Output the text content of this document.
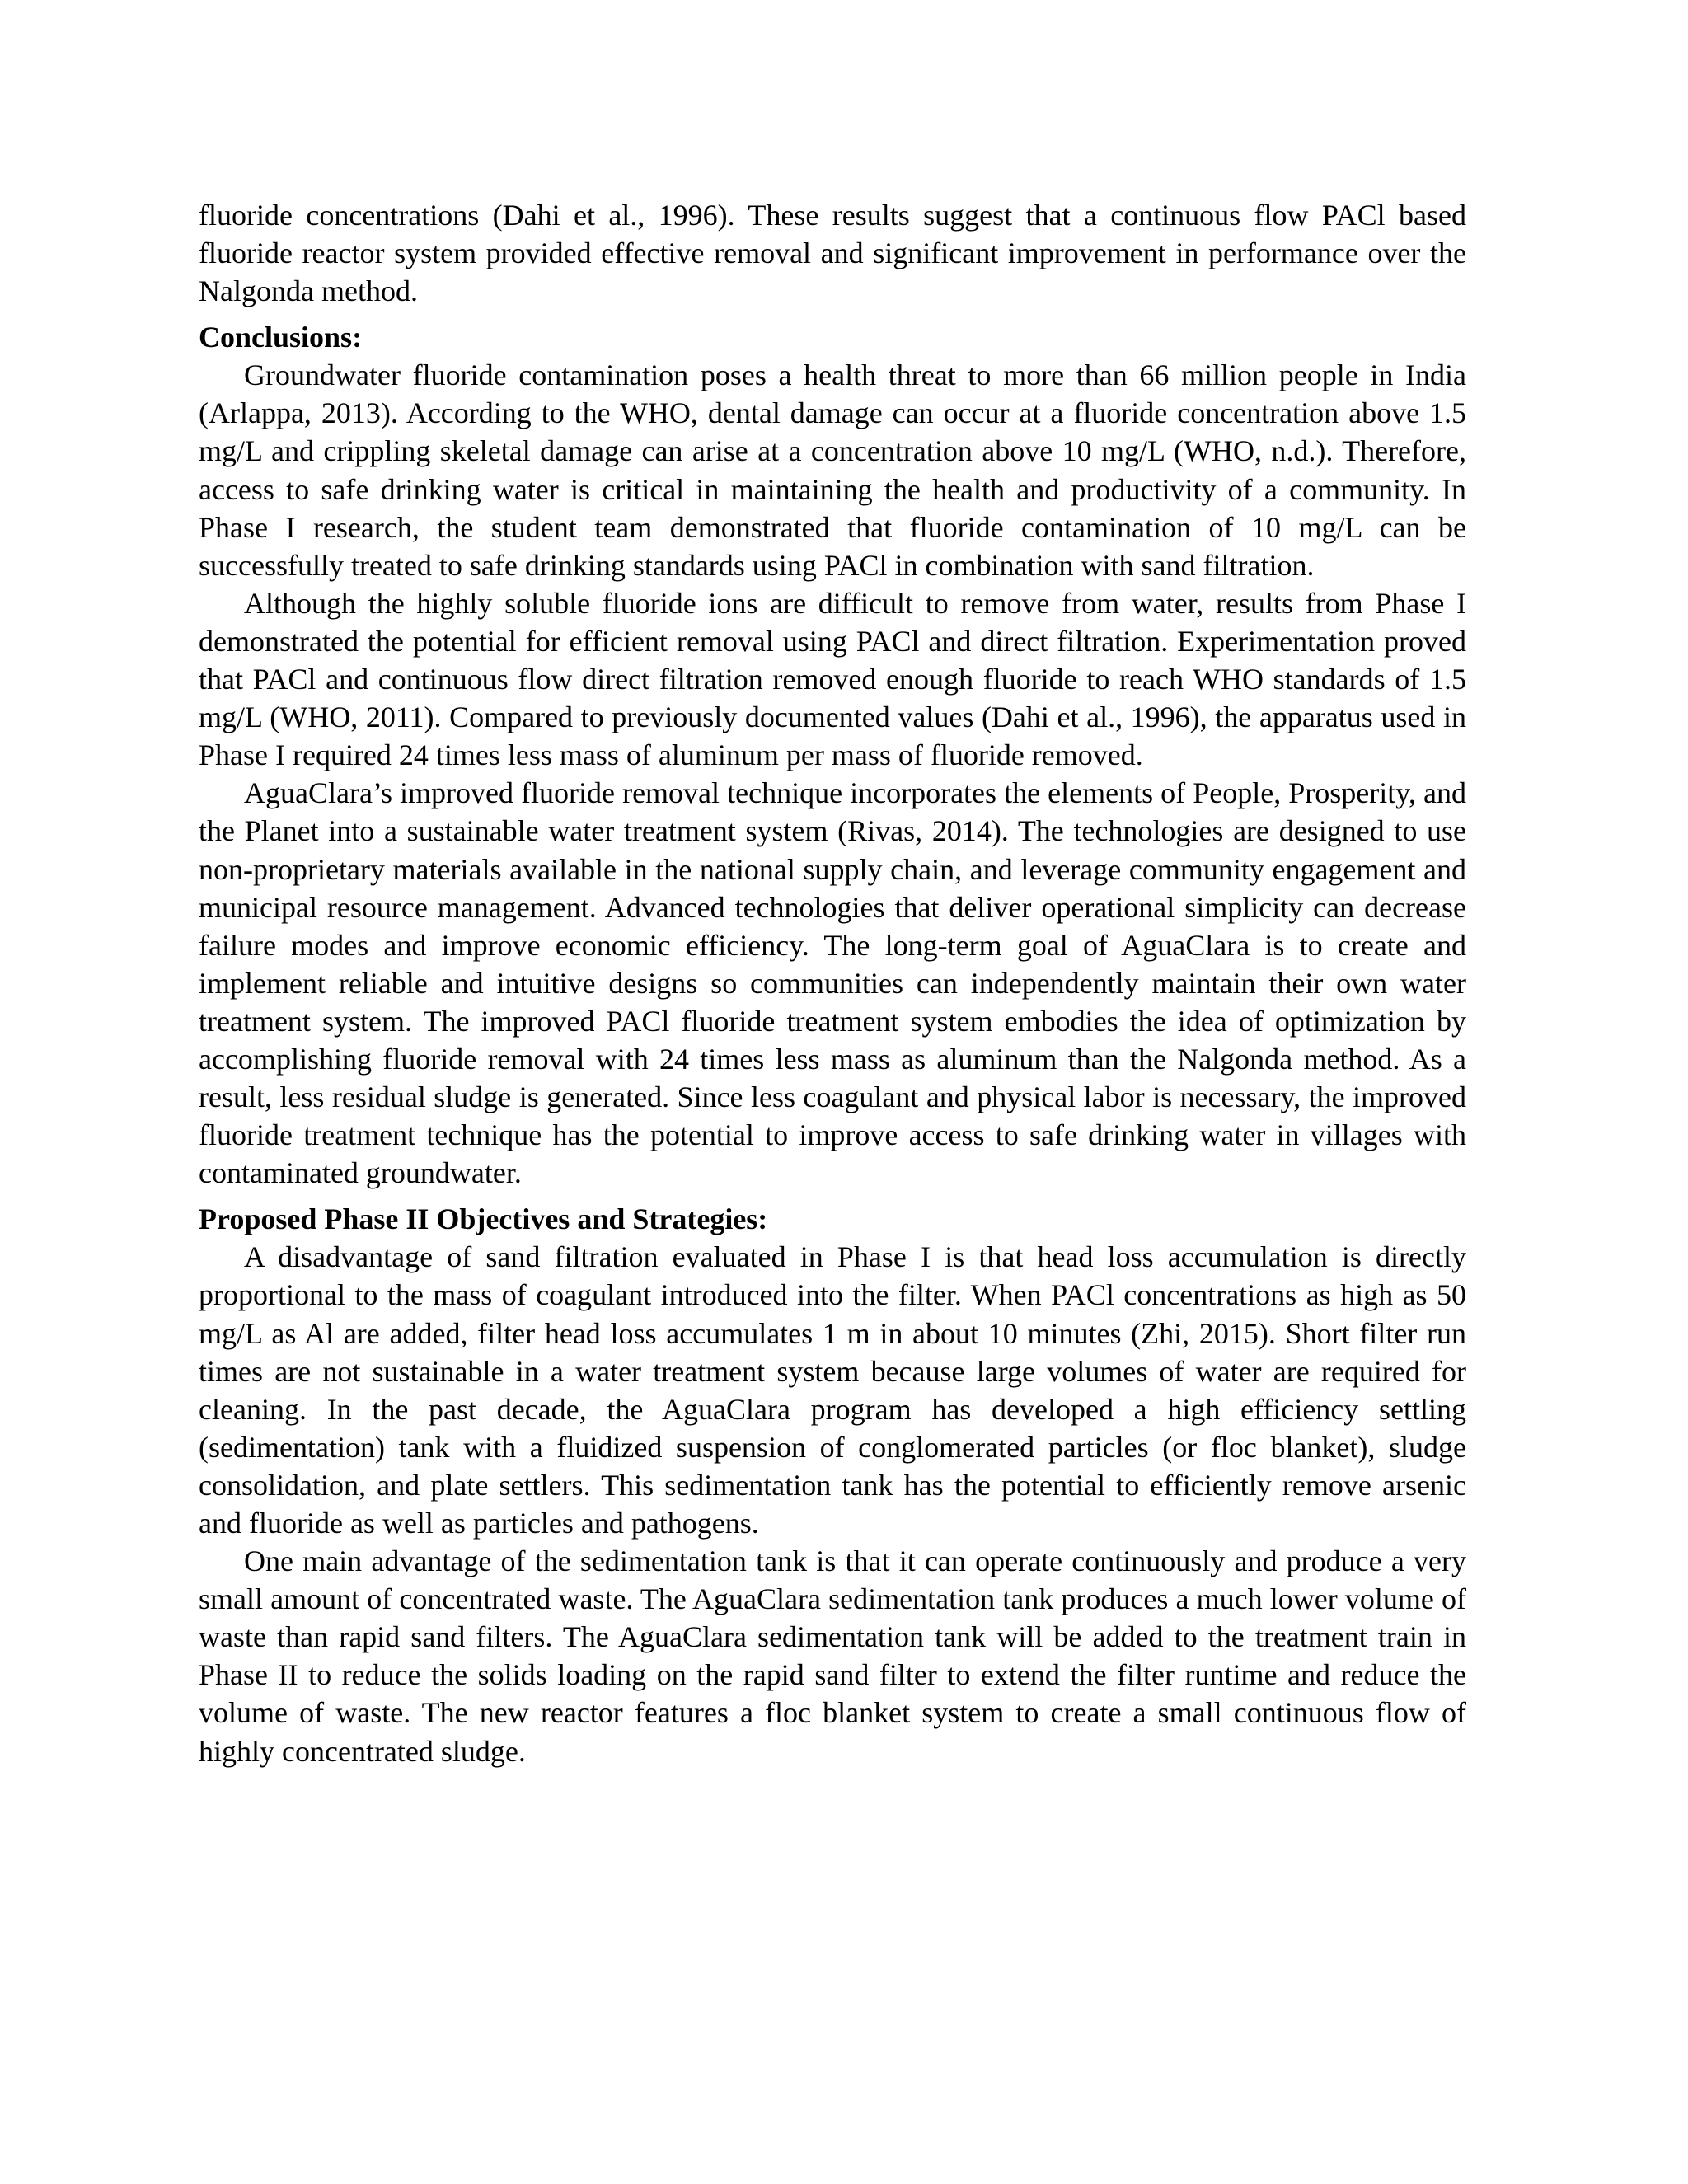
fluoride concentrations (Dahi et al., 1996). These results suggest that a continuous flow PACl based fluoride reactor system provided effective removal and significant improvement in performance over the Nalgonda method.

Conclusions:

Groundwater fluoride contamination poses a health threat to more than 66 million people in India (Arlappa, 2013). According to the WHO, dental damage can occur at a fluoride concentration above 1.5 mg/L and crippling skeletal damage can arise at a concentration above 10 mg/L (WHO, n.d.). Therefore, access to safe drinking water is critical in maintaining the health and productivity of a community. In Phase I research, the student team demonstrated that fluoride contamination of 10 mg/L can be successfully treated to safe drinking standards using PACl in combination with sand filtration.

Although the highly soluble fluoride ions are difficult to remove from water, results from Phase I demonstrated the potential for efficient removal using PACl and direct filtration. Experimentation proved that PACl and continuous flow direct filtration removed enough fluoride to reach WHO standards of 1.5 mg/L (WHO, 2011). Compared to previously documented values (Dahi et al., 1996), the apparatus used in Phase I required 24 times less mass of aluminum per mass of fluoride removed.

AguaClara’s improved fluoride removal technique incorporates the elements of People, Prosperity, and the Planet into a sustainable water treatment system (Rivas, 2014). The technologies are designed to use non-proprietary materials available in the national supply chain, and leverage community engagement and municipal resource management. Advanced technologies that deliver operational simplicity can decrease failure modes and improve economic efficiency. The long-term goal of AguaClara is to create and implement reliable and intuitive designs so communities can independently maintain their own water treatment system. The improved PACl fluoride treatment system embodies the idea of optimization by accomplishing fluoride removal with 24 times less mass as aluminum than the Nalgonda method. As a result, less residual sludge is generated. Since less coagulant and physical labor is necessary, the improved fluoride treatment technique has the potential to improve access to safe drinking water in villages with contaminated groundwater.

Proposed Phase II Objectives and Strategies:

A disadvantage of sand filtration evaluated in Phase I is that head loss accumulation is directly proportional to the mass of coagulant introduced into the filter. When PACl concentrations as high as 50 mg/L as Al are added, filter head loss accumulates 1 m in about 10 minutes (Zhi, 2015). Short filter run times are not sustainable in a water treatment system because large volumes of water are required for cleaning. In the past decade, the AguaClara program has developed a high efficiency settling (sedimentation) tank with a fluidized suspension of conglomerated particles (or floc blanket), sludge consolidation, and plate settlers. This sedimentation tank has the potential to efficiently remove arsenic and fluoride as well as particles and pathogens.

One main advantage of the sedimentation tank is that it can operate continuously and produce a very small amount of concentrated waste. The AguaClara sedimentation tank produces a much lower volume of waste than rapid sand filters. The AguaClara sedimentation tank will be added to the treatment train in Phase II to reduce the solids loading on the rapid sand filter to extend the filter runtime and reduce the volume of waste. The new reactor features a floc blanket system to create a small continuous flow of highly concentrated sludge.
